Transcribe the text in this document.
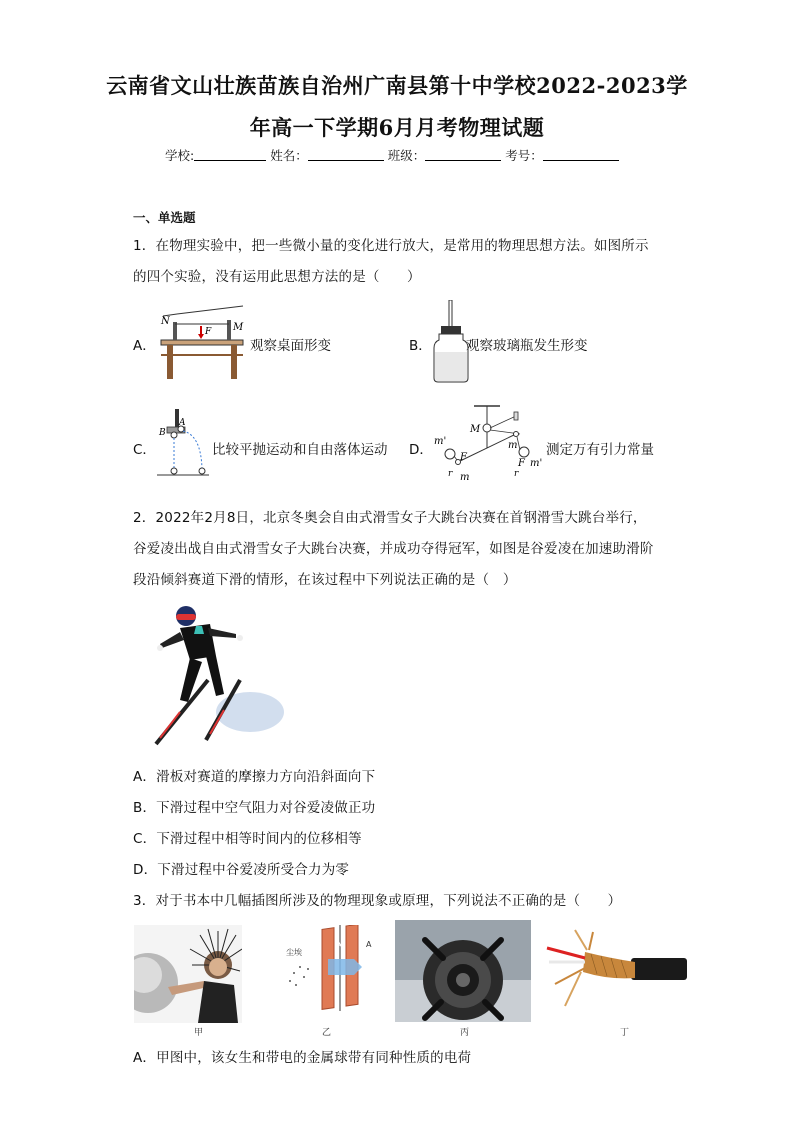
云南省文山壮族苗族自治州广南县第十中学校2022-2023学
年高一下学期6月月考物理试题
学校:	姓名：	班级：	考号：
一、单选题
1．在物理实验中，把一些微小量的变化进行放大，是常用的物理思想方法。如图所示
的四个实验，没有运用此思想方法的是（　　）
A．
N
M
F
观察桌面形变	B．	观察玻璃瓶发生形变
C．
B
A
比较平抛运动和自由落体运动 D．
m'
m'
M
m
m
F
F
r	r
测定万有引力常量
2．2022年2月8日，北京冬奥会自由式滑雪女子大跳台决赛在首钢滑雪大跳台举行，
谷爱凌出战自由式滑雪女子大跳台决赛，并成功夺得冠军，如图是谷爱凌在加速助滑阶
段沿倾斜赛道下滑的情形，在该过程中下列说法正确的是（　）
A．滑板对赛道的摩擦力方向沿斜面向下
B．下滑过程中空气阻力对谷爱凌做正功
C．下滑过程中相等时间内的位移相等
D．下滑过程中谷爱凌所受合力为零
3．对于书本中几幅插图所涉及的物理现象或原理，下列说法不正确的是（　　）
甲
尘埃
A	A
乙	丙	丁
A．甲图中，该女生和带电的金属球带有同种性质的电荷
